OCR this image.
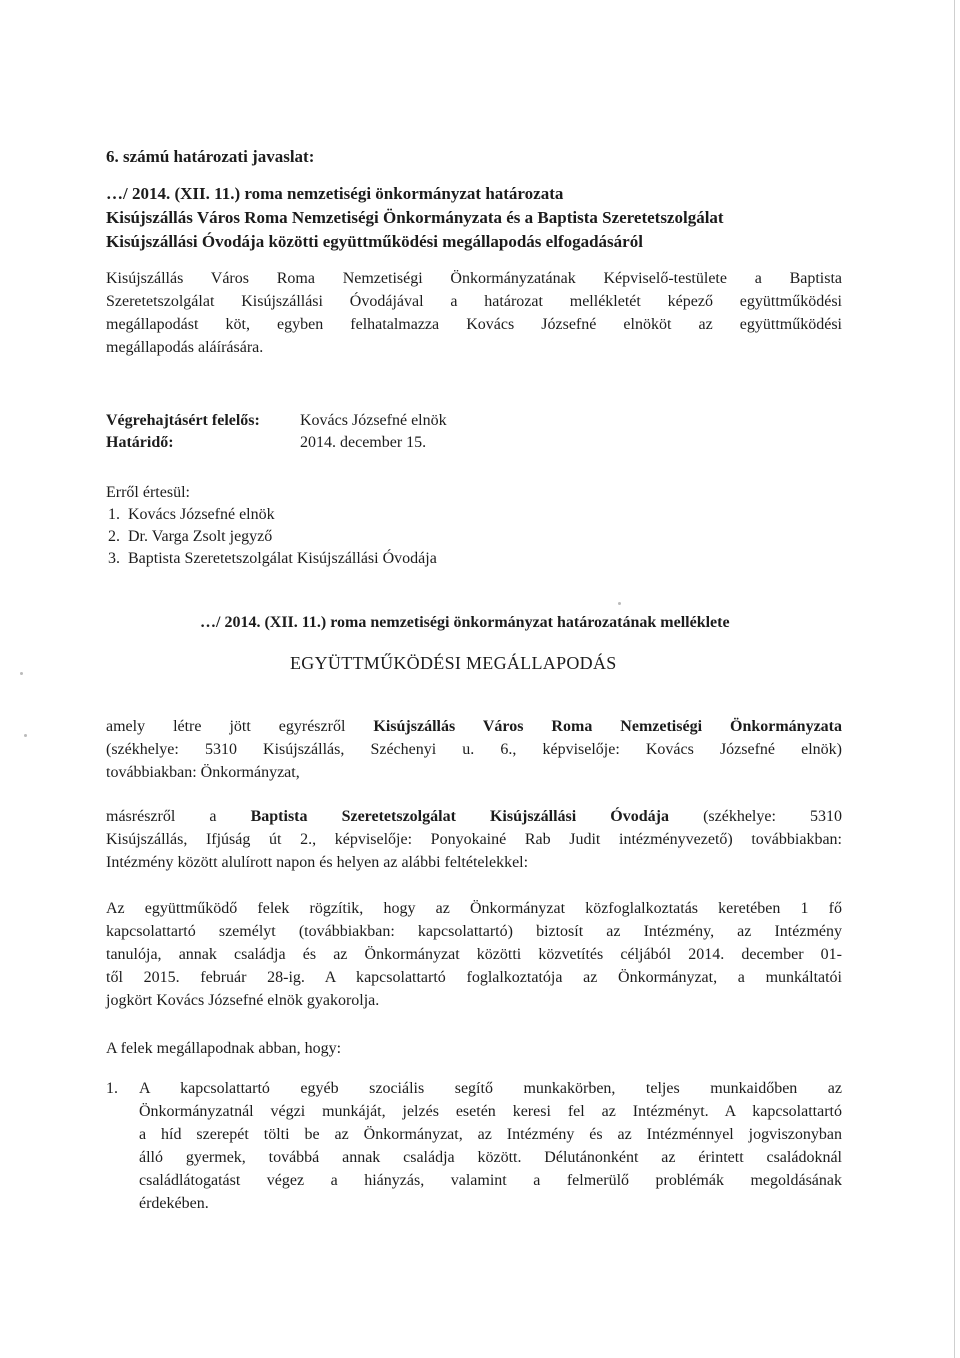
6. számú határozati javaslat:
…/ 2014. (XII. 11.) roma nemzetiségi önkormányzat határozata
Kisújszállás Város Roma Nemzetiségi Önkormányzata és a Baptista Szeretetszolgálat
Kisújszállási Óvodája közötti együttműködési megállapodás elfogadásáról
Kisújszállás Város Roma Nemzetiségi Önkormányzatának Képviselő-testülete a Baptista
Szeretetszolgálat Kisújszállási Óvodájával a határozat mellékletét képező együttműködési
megállapodást köt, egyben felhatalmazza Kovács Józsefné elnököt az együttműködési
megállapodás aláírására.
Végrehajtásért felelős:	Kovács Józsefné elnök
Határidő:	2014. december 15.
Erről értesül:
1. Kovács Józsefné elnök
2. Dr. Varga Zsolt jegyző
3. Baptista Szeretetszolgálat Kisújszállási Óvodája
…/ 2014. (XII. 11.) roma nemzetiségi önkormányzat határozatának melléklete
EGYÜTTMŰKÖDÉSI MEGÁLLAPODÁS
amely létre jött egyrészről Kisújszállás Város Roma Nemzetiségi Önkormányzata
(székhelye: 5310 Kisújszállás, Széchenyi u. 6., képviselője: Kovács Józsefné elnök)
továbbiakban: Önkormányzat,
másrészről a Baptista Szeretetszolgálat Kisújszállási Óvodája (székhelye: 5310
Kisújszállás, Ifjúság út 2., képviselője: Ponyokainé Rab Judit intézményvezető) továbbiakban:
Intézmény között alulírott napon és helyen az alábbi feltételekkel:
Az együttműködő felek rögzítik, hogy az Önkormányzat közfoglalkoztatás keretében 1 fő
kapcsolattartó személyt (továbbiakban: kapcsolattartó) biztosít az Intézmény, az Intézmény
tanulója, annak családja és az Önkormányzat közötti közvetítés céljából 2014. december 01-
től 2015. február 28-ig. A kapcsolattartó foglalkoztatója az Önkormányzat, a munkáltatói
jogkört Kovács Józsefné elnök gyakorolja.
A felek megállapodnak abban, hogy:
1. A kapcsolattartó egyéb szociális segítő munkakörben, teljes munkaidőben az
Önkormányzatnál végzi munkáját, jelzés esetén keresi fel az Intézményt. A kapcsolattartó
a híd szerepét tölti be az Önkormányzat, az Intézmény és az Intézménnyel jogviszonyban
álló gyermek, továbbá annak családja között. Délutánonként az érintett családoknál
családlátogatást végez a hiányzás, valamint a felmerülő problémák megoldásának
érdekében.
